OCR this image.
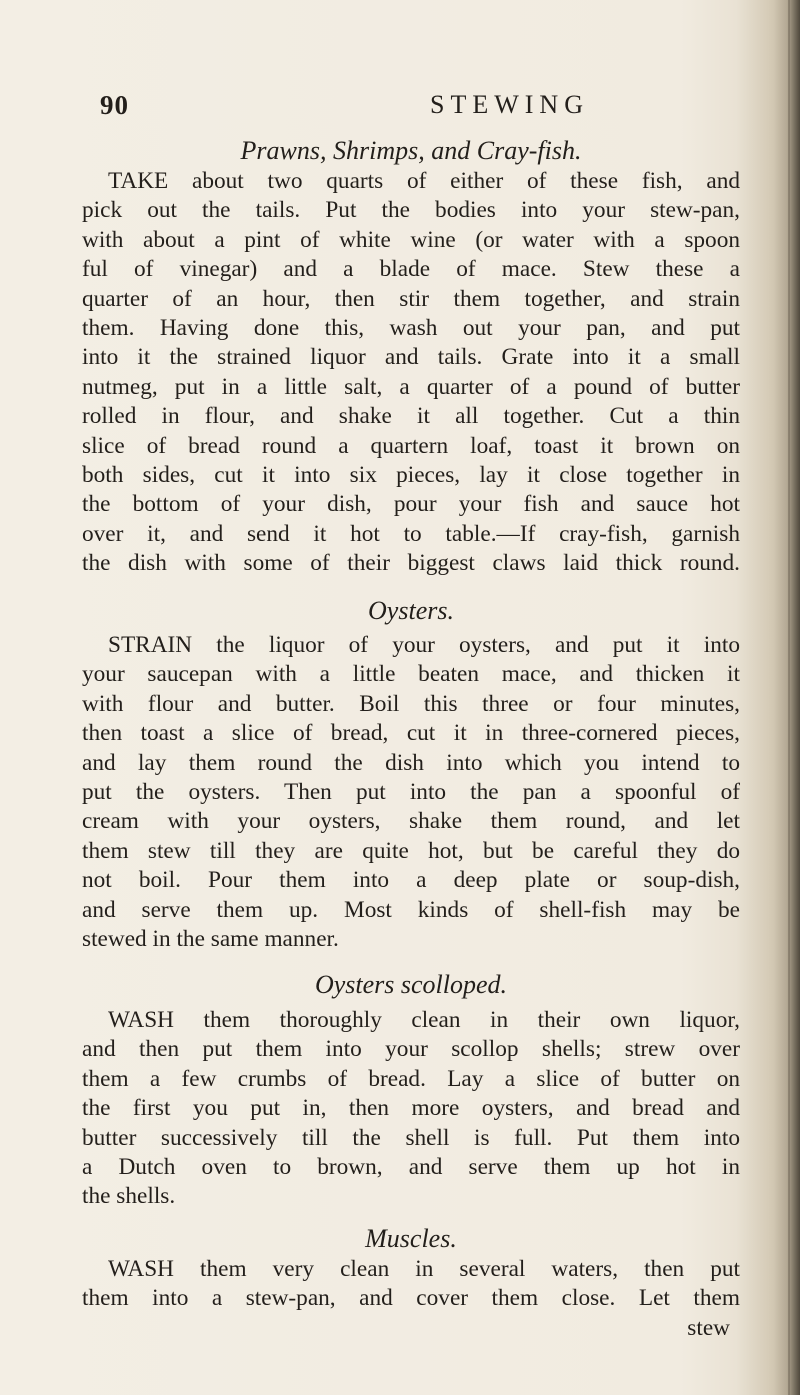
90	STEWING
Prawns, Shrimps, and Cray-fish.
TAKE about two quarts of either of these fish, and
pick out the tails. Put the bodies into your stew-pan,
with about a pint of white wine (or water with a spoon
ful of vinegar) and a blade of mace. Stew these a
quarter of an hour, then stir them together, and strain
them. Having done this, wash out your pan, and put
into it the strained liquor and tails. Grate into it a small
nutmeg, put in a little salt, a quarter of a pound of butter
rolled in flour, and shake it all together. Cut a thin
slice of bread round a quartern loaf, toast it brown on
both sides, cut it into six pieces, lay it close together in
the bottom of your dish, pour your fish and sauce hot
over it, and send it hot to table.—If cray-fish, garnish
the dish with some of their biggest claws laid thick round.
Oysters.
STRAIN the liquor of your oysters, and put it into
your saucepan with a little beaten mace, and thicken it
with flour and butter. Boil this three or four minutes,
then toast a slice of bread, cut it in three-cornered pieces,
and lay them round the dish into which you intend to
put the oysters. Then put into the pan a spoonful of
cream with your oysters, shake them round, and let
them stew till they are quite hot, but be careful they do
not boil. Pour them into a deep plate or soup-dish,
and serve them up. Most kinds of shell-fish may be
stewed in the same manner.
Oysters scolloped.
WASH them thoroughly clean in their own liquor,
and then put them into your scollop shells; strew over
them a few crumbs of bread. Lay a slice of butter on
the first you put in, then more oysters, and bread and
butter successively till the shell is full. Put them into
a Dutch oven to brown, and serve them up hot in
the shells.
Muscles.
WASH them very clean in several waters, then put
them into a stew-pan, and cover them close. Let them
stew
